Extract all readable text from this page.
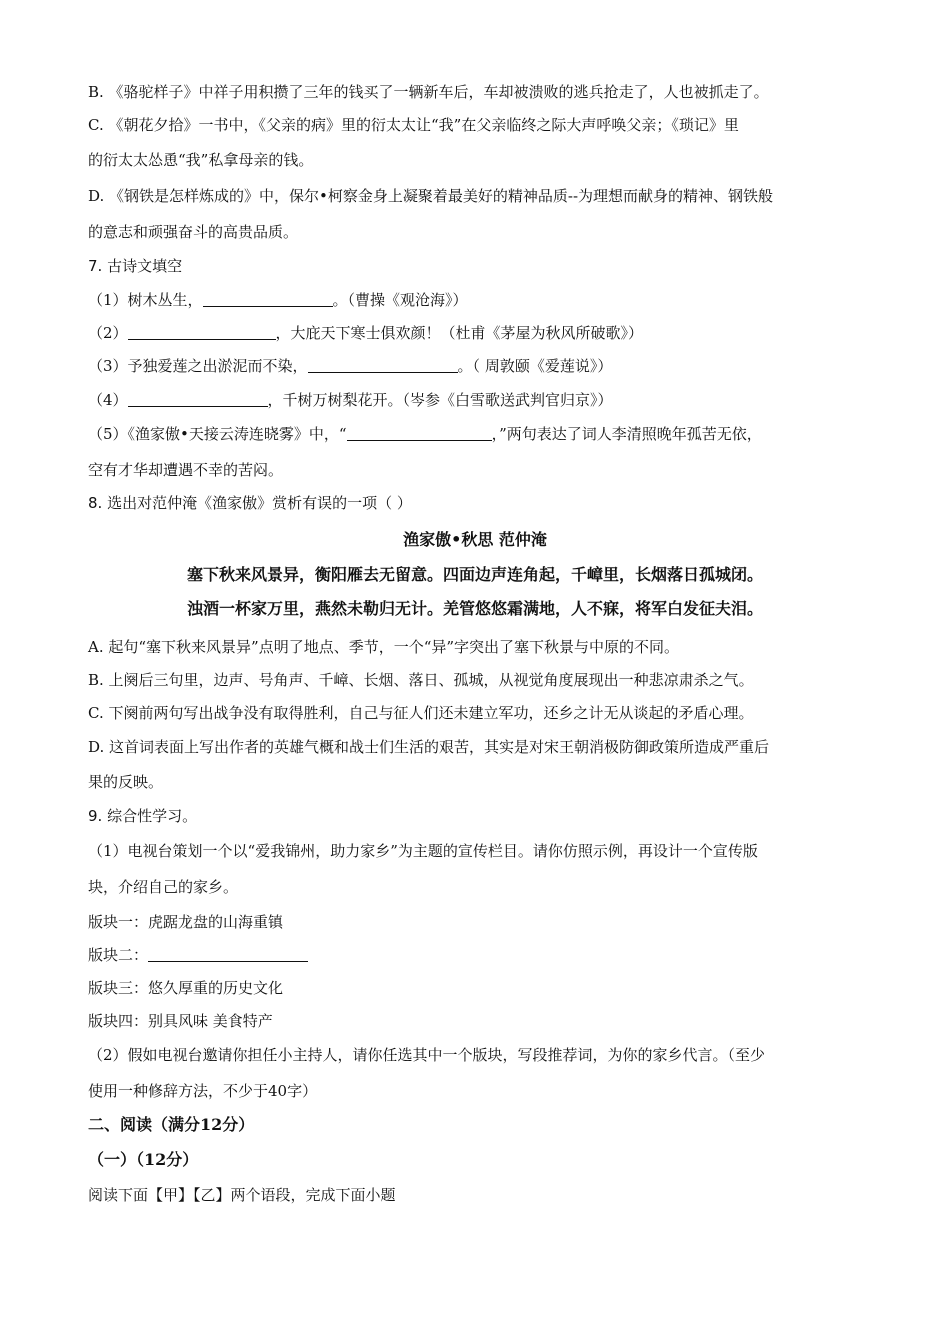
B. 《骆驼样子》中祥子用积攒了三年的钱买了一辆新车后，车却被溃败的逃兵抢走了，人也被抓走了。
C. 《朝花夕拾》一书中，《父亲的病》里的衍太太让“我”在父亲临终之际大声呼唤父亲；《琐记》里
的衍太太怂恿“我”私拿母亲的钱。
D. 《钢铁是怎样炼成的》中，保尔•柯察金身上凝聚着最美好的精神品质--为理想而献身的精神、钢铁般
的意志和顽强奋斗的高贵品质。
7. 古诗文填空
（1）树木丛生，	。（曹操《观沧海》）
（2）	，大庇天下寒士俱欢颜！（杜甫《茅屋为秋风所破歌》）
（3）予独爱莲之出淤泥而不染，	。（ 周敦颐《爱莲说》）
（4）	，千树万树梨花开。（岑参《白雪歌送武判官归京》）
（5）《渔家傲•天接云涛连晓雾》中，“	，”两句表达了词人李清照晚年孤苦无依，
空有才华却遭遇不幸的苦闷。
8. 选出对范仲淹《渔家傲》赏析有误的一项（ ）
渔家傲•秋思 范仲淹
塞下秋来风景异，衡阳雁去无留意。四面边声连角起，千嶂里，长烟落日孤城闭。
浊酒一杯家万里，燕然未勒归无计。羌管悠悠霜满地，人不寐，将军白发征夫泪。
A. 起句“塞下秋来风景异”点明了地点、季节，一个“异”字突出了塞下秋景与中原的不同。
B. 上阕后三句里，边声、号角声、千嶂、长烟、落日、孤城，从视觉角度展现出一种悲凉肃杀之气。
C. 下阕前两句写出战争没有取得胜利，自己与征人们还未建立军功，还乡之计无从谈起的矛盾心理。
D. 这首词表面上写出作者的英雄气概和战士们生活的艰苦，其实是对宋王朝消极防御政策所造成严重后
果的反映。
9. 综合性学习。
（1）电视台策划一个以“爱我锦州，助力家乡”为主题的宣传栏目。请你仿照示例，再设计一个宣传版
块，介绍自己的家乡。
版块一：虎踞龙盘的山海重镇
版块二：
版块三：悠久厚重的历史文化
版块四：别具风味 美食特产
（2）假如电视台邀请你担任小主持人，请你任选其中一个版块，写段推荐词，为你的家乡代言。（至少
使用一种修辞方法，不少于40字）
二、阅读（满分12分）
（一）（12分）
阅读下面【甲】【乙】两个语段，完成下面小题
